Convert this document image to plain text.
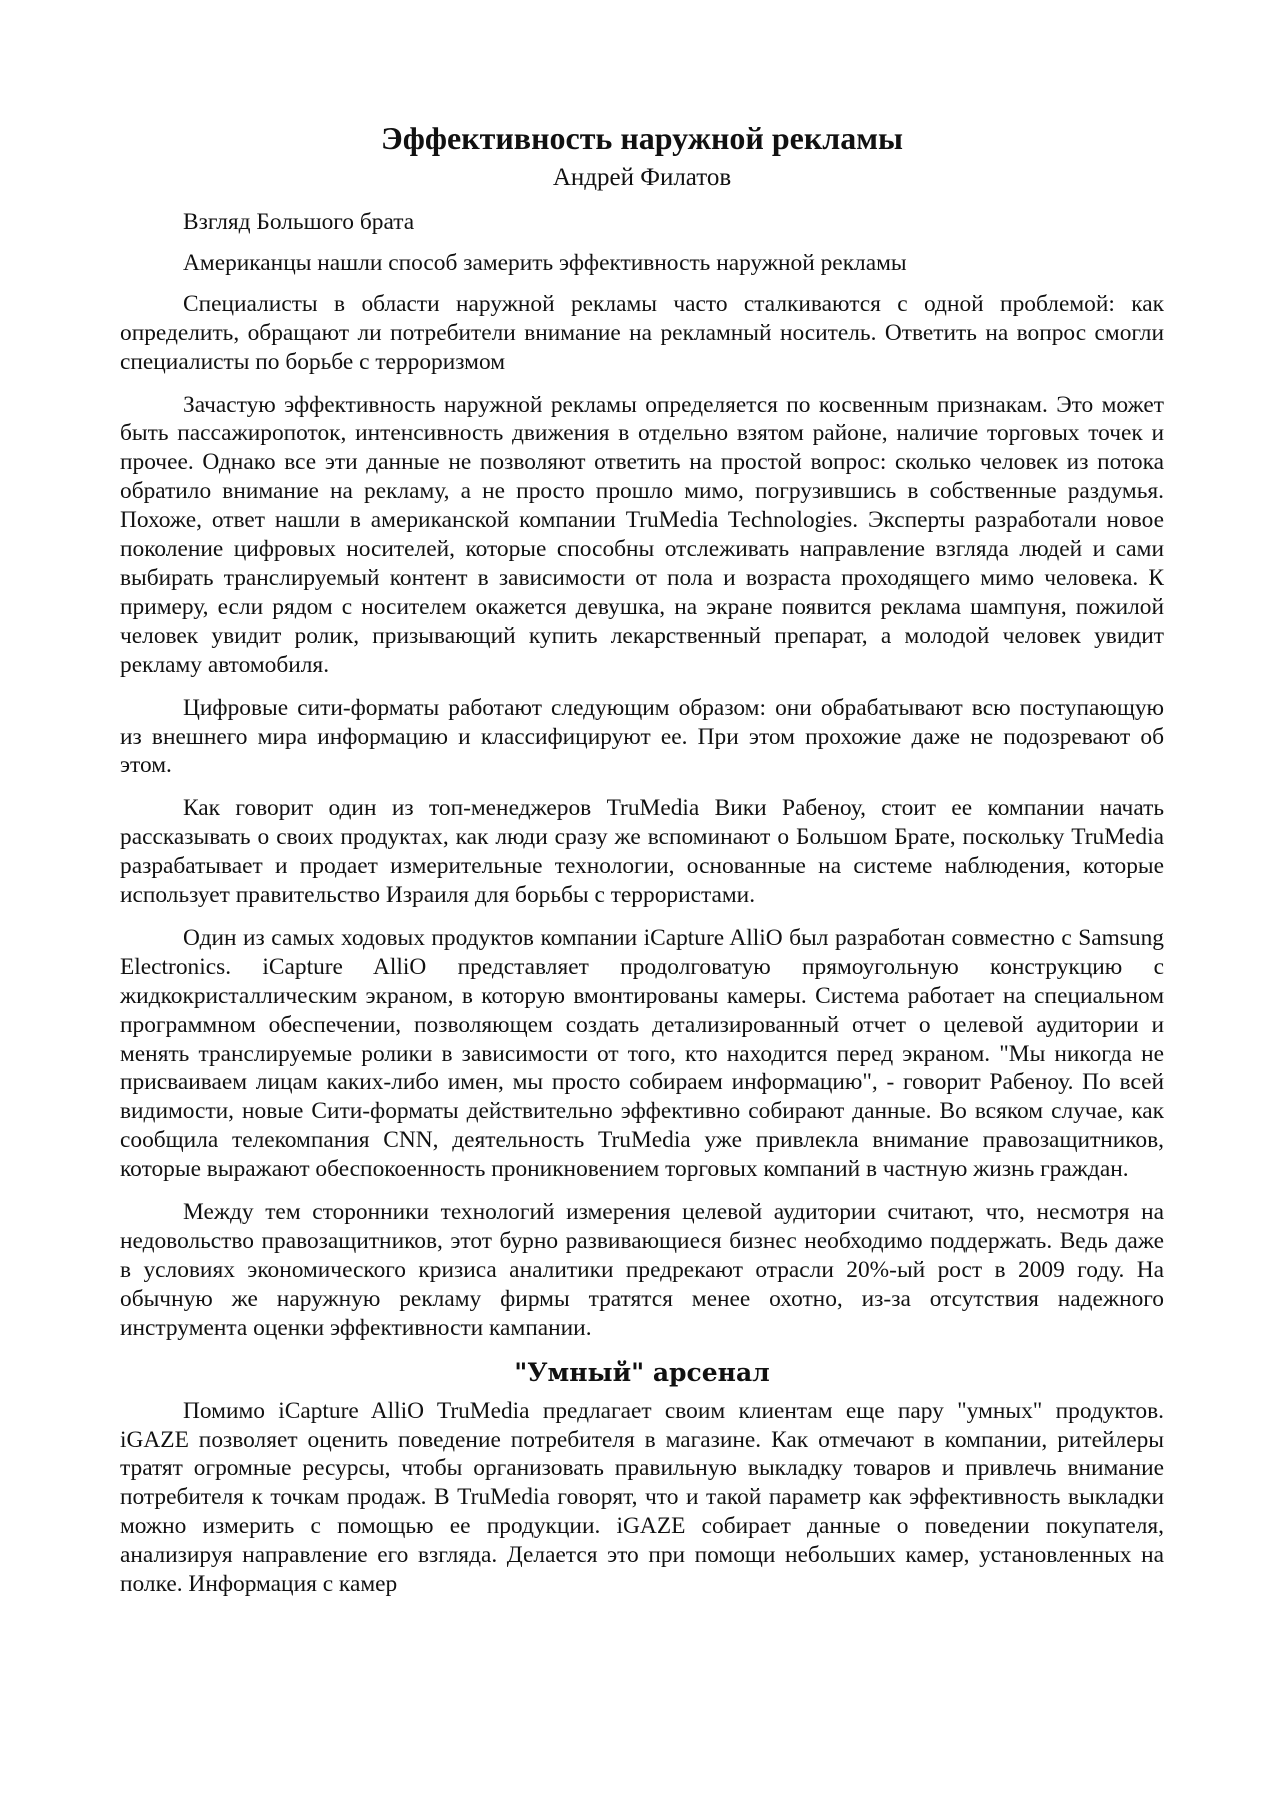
Эффективность наружной рекламы
Андрей Филатов

Взгляд Большого брата

Американцы нашли способ замерить эффективность наружной рекламы

Специалисты в области наружной рекламы часто сталкиваются с одной проблемой: как определить, обращают ли потребители внимание на рекламный носитель. Ответить на вопрос смогли специалисты по борьбе с терроризмом

Зачастую эффективность наружной рекламы определяется по косвенным признакам. Это может быть пассажиропоток, интенсивность движения в отдельно взятом районе, наличие торговых точек и прочее. Однако все эти данные не позволяют ответить на простой вопрос: сколько человек из потока обратило внимание на рекламу, а не просто прошло мимо, погрузившись в собственные раздумья. Похоже, ответ нашли в американской компании TruMedia Technologies. Эксперты разработали новое поколение цифровых носителей, которые способны отслеживать направление взгляда людей и сами выбирать транслируемый контент в зависимости от пола и возраста проходящего мимо человека. К примеру, если рядом с носителем окажется девушка, на экране появится реклама шампуня, пожилой человек увидит ролик, призывающий купить лекарственный препарат, а молодой человек увидит рекламу автомобиля.

Цифровые сити-форматы работают следующим образом: они обрабатывают всю поступающую из внешнего мира информацию и классифицируют ее. При этом прохожие даже не подозревают об этом.

Как говорит один из топ-менеджеров TruMedia Вики Рабеноу, стоит ее компании начать рассказывать о своих продуктах, как люди сразу же вспоминают о Большом Брате, поскольку TruMedia разрабатывает и продает измерительные технологии, основанные на системе наблюдения, которые использует правительство Израиля для борьбы с террористами.

Один из самых ходовых продуктов компании iCapture AlliO был разработан совместно с Samsung Electronics. iCapture AlliO представляет продолговатую прямоугольную конструкцию с жидкокристаллическим экраном, в которую вмонтированы камеры. Система работает на специальном программном обеспечении, позволяющем создать детализированный отчет о целевой аудитории и менять транслируемые ролики в зависимости от того, кто находится перед экраном. "Мы никогда не присваиваем лицам каких-либо имен, мы просто собираем информацию", - говорит Рабеноу. По всей видимости, новые Сити-форматы действительно эффективно собирают данные. Во всяком случае, как сообщила телекомпания CNN, деятельность TruMedia уже привлекла внимание правозащитников, которые выражают обеспокоенность проникновением торговых компаний в частную жизнь граждан.

Между тем сторонники технологий измерения целевой аудитории считают, что, несмотря на недовольство правозащитников, этот бурно развивающиеся бизнес необходимо поддержать. Ведь даже в условиях экономического кризиса аналитики предрекают отрасли 20%-ый рост в 2009 году. На обычную же наружную рекламу фирмы тратятся менее охотно, из-за отсутствия надежного инструмента оценки эффективности кампании.

"Умный" арсенал

Помимо iCapture AlliO TruMedia предлагает своим клиентам еще пару "умных" продуктов. iGAZE позволяет оценить поведение потребителя в магазине. Как отмечают в компании, ритейлеры тратят огромные ресурсы, чтобы организовать правильную выкладку товаров и привлечь внимание потребителя к точкам продаж. В TruMedia говорят, что и такой параметр как эффективность выкладки можно измерить с помощью ее продукции. iGAZE собирает данные о поведении покупателя, анализируя направление его взгляда. Делается это при помощи небольших камер, установленных на полке. Информация с камер
